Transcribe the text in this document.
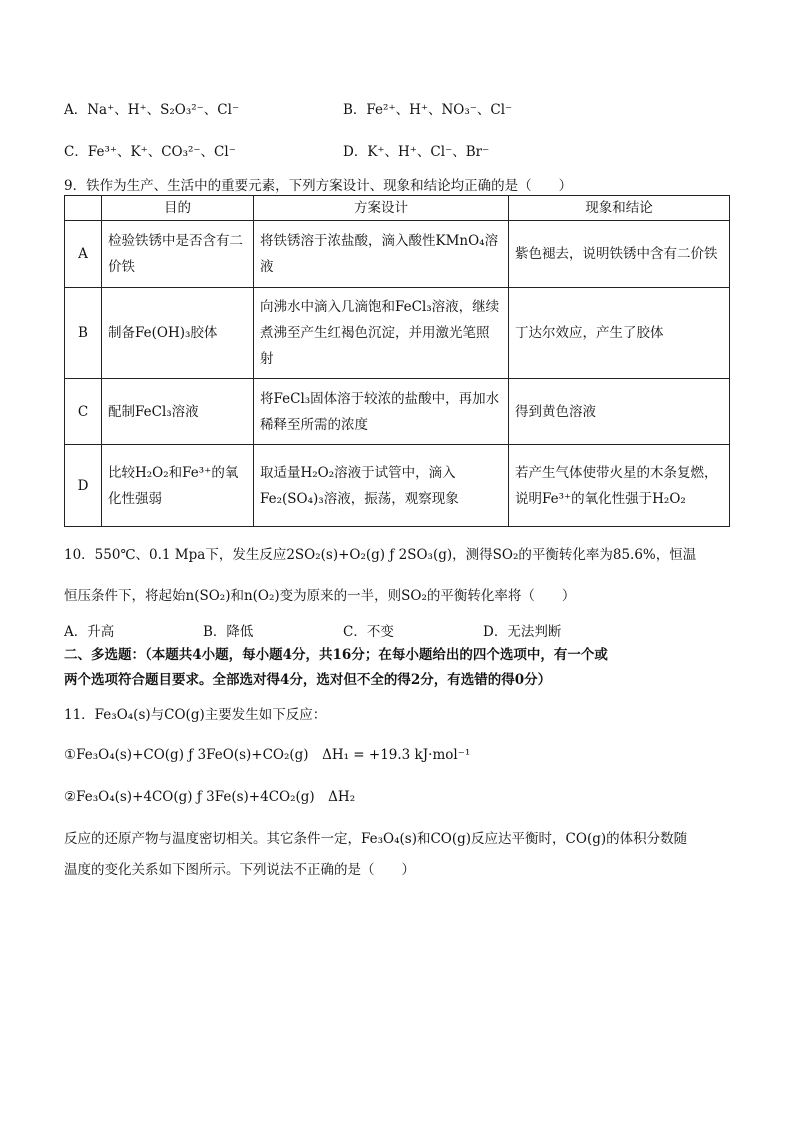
A．Na⁺、H⁺、S₂O₃²⁻、Cl⁻	B．Fe²⁺、H⁺、NO₃⁻、Cl⁻
C．Fe³⁺、K⁺、CO₃²⁻、Cl⁻	D．K⁺、H⁺、Cl⁻、Br⁻
9．铁作为生产、生活中的重要元素，下列方案设计、现象和结论均正确的是（　　）
	目的	方案设计	现象和结论
A	检验铁锈中是否含有二价铁	将铁锈溶于浓盐酸，滴入酸性KMnO₄溶液	紫色褪去，说明铁锈中含有二价铁
B	制备Fe(OH)₃胶体	向沸水中滴入几滴饱和FeCl₃溶液，继续煮沸至产生红褐色沉淀，并用激光笔照射	丁达尔效应，产生了胶体
C	配制FeCl₃溶液	将FeCl₃固体溶于较浓的盐酸中，再加水稀释至所需的浓度	得到黄色溶液
D	比较H₂O₂和Fe³⁺的氧化性强弱	取适量H₂O₂溶液于试管中，滴入Fe₂(SO₄)₃溶液，振荡，观察现象	若产生气体使带火星的木条复燃，说明Fe³⁺的氧化性强于H₂O₂
10．550℃、0.1 Mpa下，发生反应2SO₂(s)+O₂(g) ƒ 2SO₃(g)，测得SO₂的平衡转化率为85.6%，恒温
恒压条件下，将起始n(SO₂)和n(O₂)变为原来的一半，则SO₂的平衡转化率将（　　）
A．升高	B．降低	C．不变	D．无法判断
二、多选题：（本题共4小题，每小题4分，共16分；在每小题给出的四个选项中，有一个或
两个选项符合题目要求。全部选对得4分，选对但不全的得2分，有选错的得0分）
11．Fe₃O₄(s)与CO(g)主要发生如下反应：
①Fe₃O₄(s)+CO(g) ƒ 3FeO(s)+CO₂(g)　ΔH₁ = +19.3 kJ·mol⁻¹
②Fe₃O₄(s)+4CO(g) ƒ 3Fe(s)+4CO₂(g)　ΔH₂
反应的还原产物与温度密切相关。其它条件一定，Fe₃O₄(s)和CO(g)反应达平衡时，CO(g)的体积分数随
温度的变化关系如下图所示。下列说法不正确的是（　　）
